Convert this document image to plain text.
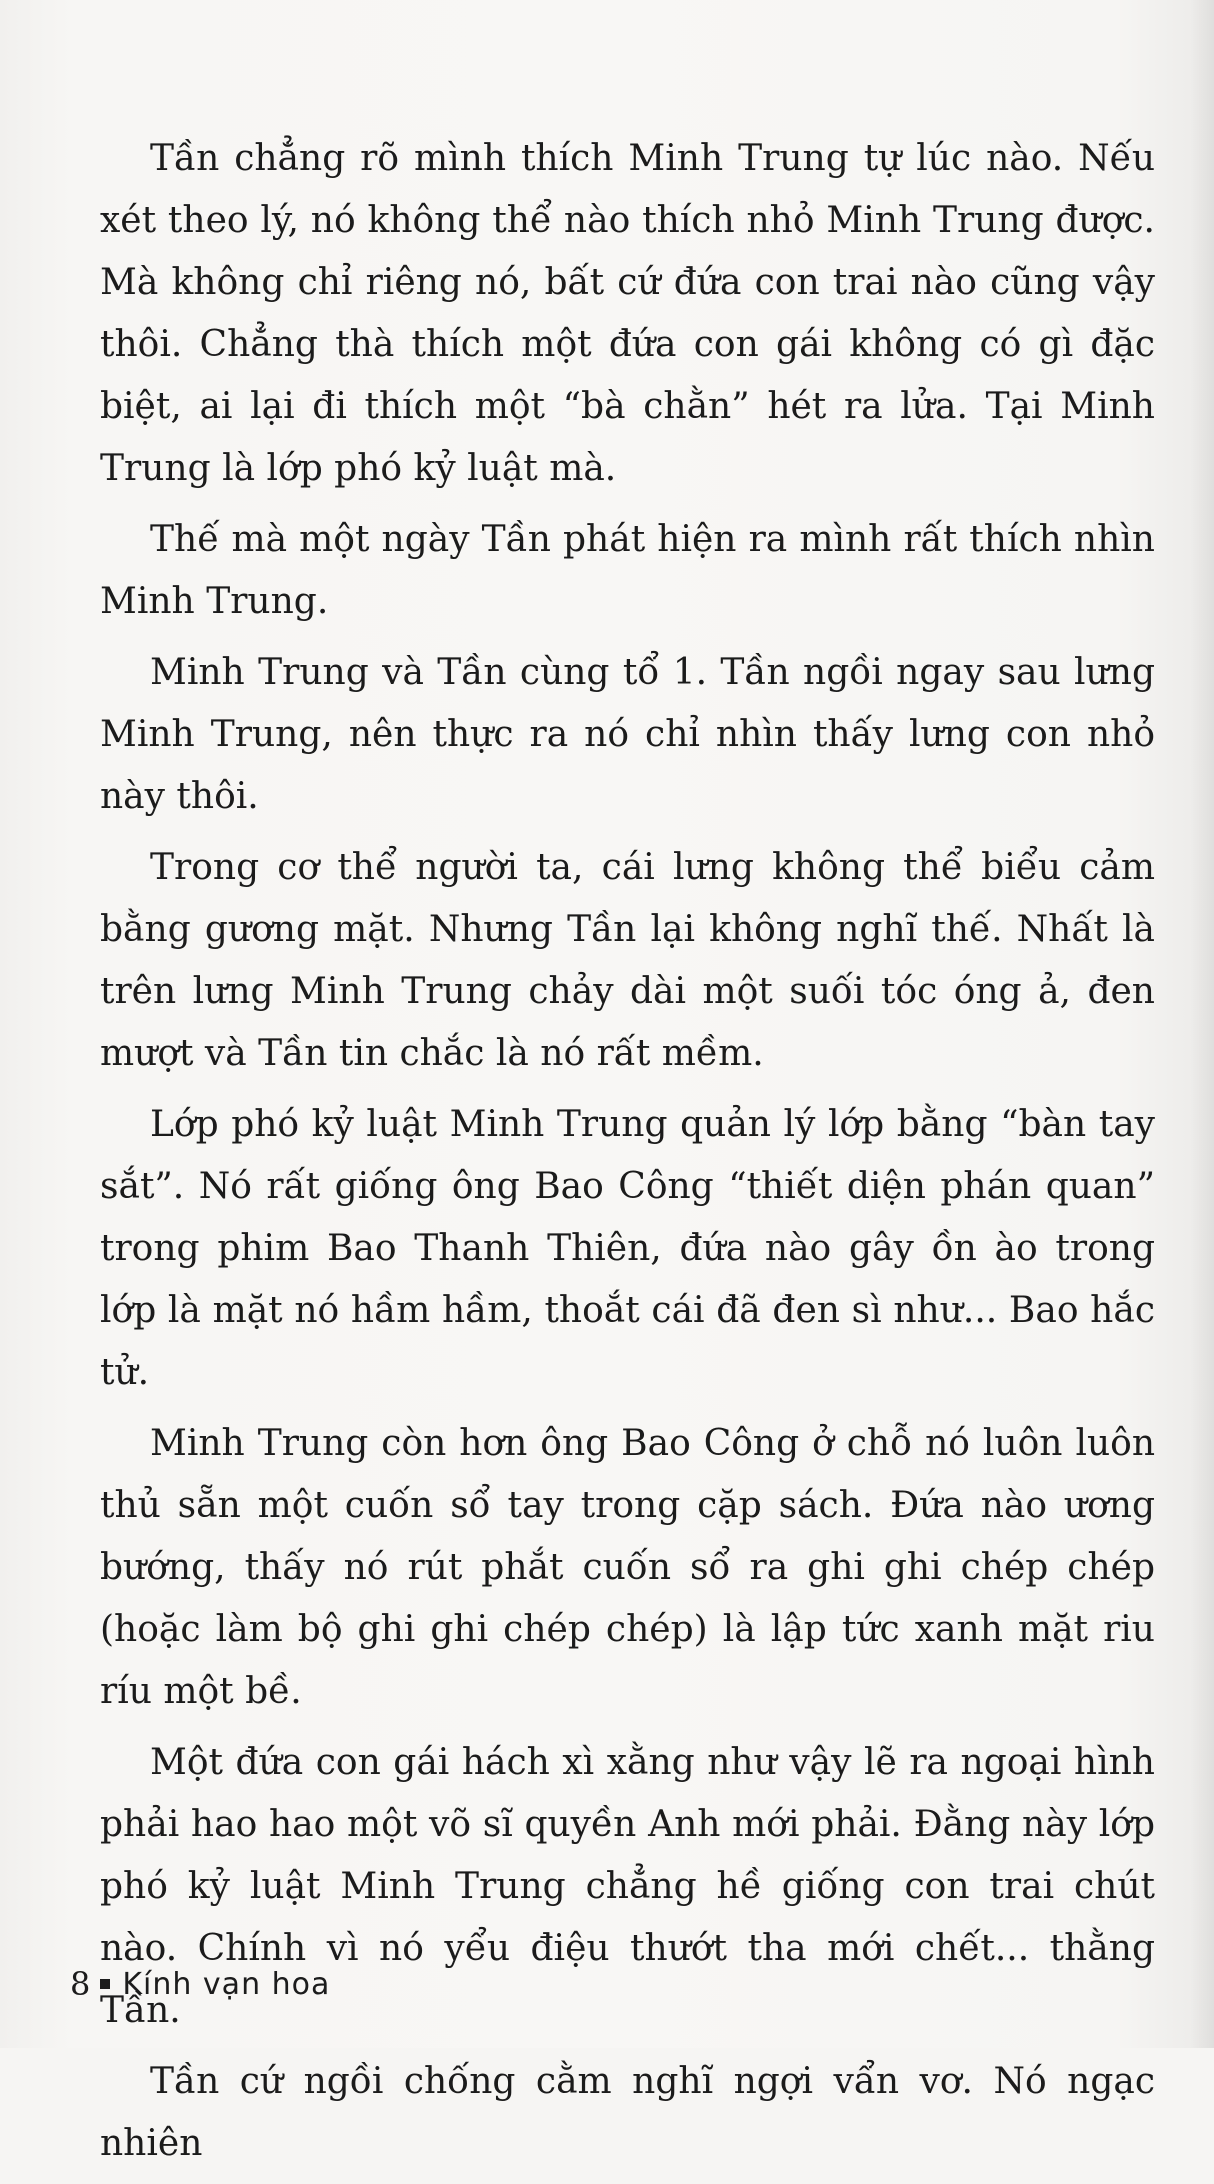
Tần chẳng rõ mình thích Minh Trung tự lúc nào. Nếu xét theo lý, nó không thể nào thích nhỏ Minh Trung được. Mà không chỉ riêng nó, bất cứ đứa con trai nào cũng vậy thôi. Chẳng thà thích một đứa con gái không có gì đặc biệt, ai lại đi thích một “bà chằn” hét ra lửa. Tại Minh Trung là lớp phó kỷ luật mà.

Thế mà một ngày Tần phát hiện ra mình rất thích nhìn Minh Trung.

Minh Trung và Tần cùng tổ 1. Tần ngồi ngay sau lưng Minh Trung, nên thực ra nó chỉ nhìn thấy lưng con nhỏ này thôi.

Trong cơ thể người ta, cái lưng không thể biểu cảm bằng gương mặt. Nhưng Tần lại không nghĩ thế. Nhất là trên lưng Minh Trung chảy dài một suối tóc óng ả, đen mượt và Tần tin chắc là nó rất mềm.

Lớp phó kỷ luật Minh Trung quản lý lớp bằng “bàn tay sắt”. Nó rất giống ông Bao Công “thiết diện phán quan” trong phim Bao Thanh Thiên, đứa nào gây ồn ào trong lớp là mặt nó hầm hầm, thoắt cái đã đen sì như... Bao hắc tử.

Minh Trung còn hơn ông Bao Công ở chỗ nó luôn luôn thủ sẵn một cuốn sổ tay trong cặp sách. Đứa nào ương bướng, thấy nó rút phắt cuốn sổ ra ghi ghi chép chép (hoặc làm bộ ghi ghi chép chép) là lập tức xanh mặt riu ríu một bề.

Một đứa con gái hách xì xằng như vậy lẽ ra ngoại hình phải hao hao một võ sĩ quyền Anh mới phải. Đằng này lớp phó kỷ luật Minh Trung chẳng hề giống con trai chút nào. Chính vì nó yểu điệu thướt tha mới chết... thằng Tần.

Tần cứ ngồi chống cằm nghĩ ngợi vẩn vơ. Nó ngạc nhiên

8 Kính vạn hoa
